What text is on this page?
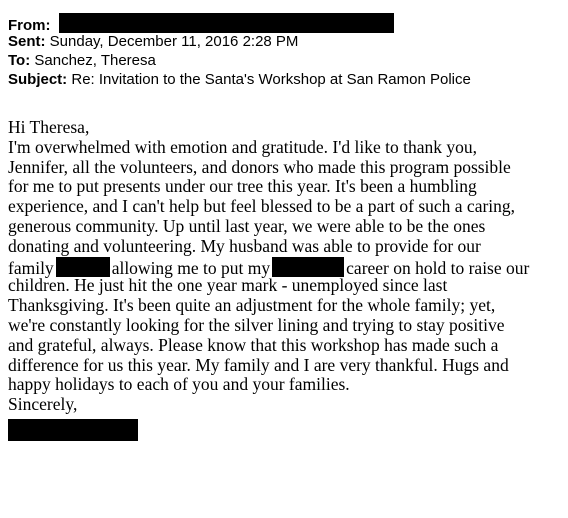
From:
Sent: Sunday, December 11, 2016 2:28 PM
To: Sanchez, Theresa
Subject: Re: Invitation to the Santa's Workshop at San Ramon Police
Hi Theresa,
I'm overwhelmed with emotion and gratitude. I'd like to thank you,
Jennifer, all the volunteers, and donors who made this program possible
for me to put presents under our tree this year. It's been a humbling
experience, and I can't help but feel blessed to be a part of such a caring,
generous community. Up until last year, we were able to be the ones
donating and volunteering. My husband was able to provide for our
family	allowing me to put my	career on hold to raise our
children. He just hit the one year mark - unemployed since last
Thanksgiving. It's been quite an adjustment for the whole family; yet,
we're constantly looking for the silver lining and trying to stay positive
and grateful, always. Please know that this workshop has made such a
difference for us this year. My family and I are very thankful. Hugs and
happy holidays to each of you and your families.
Sincerely,
